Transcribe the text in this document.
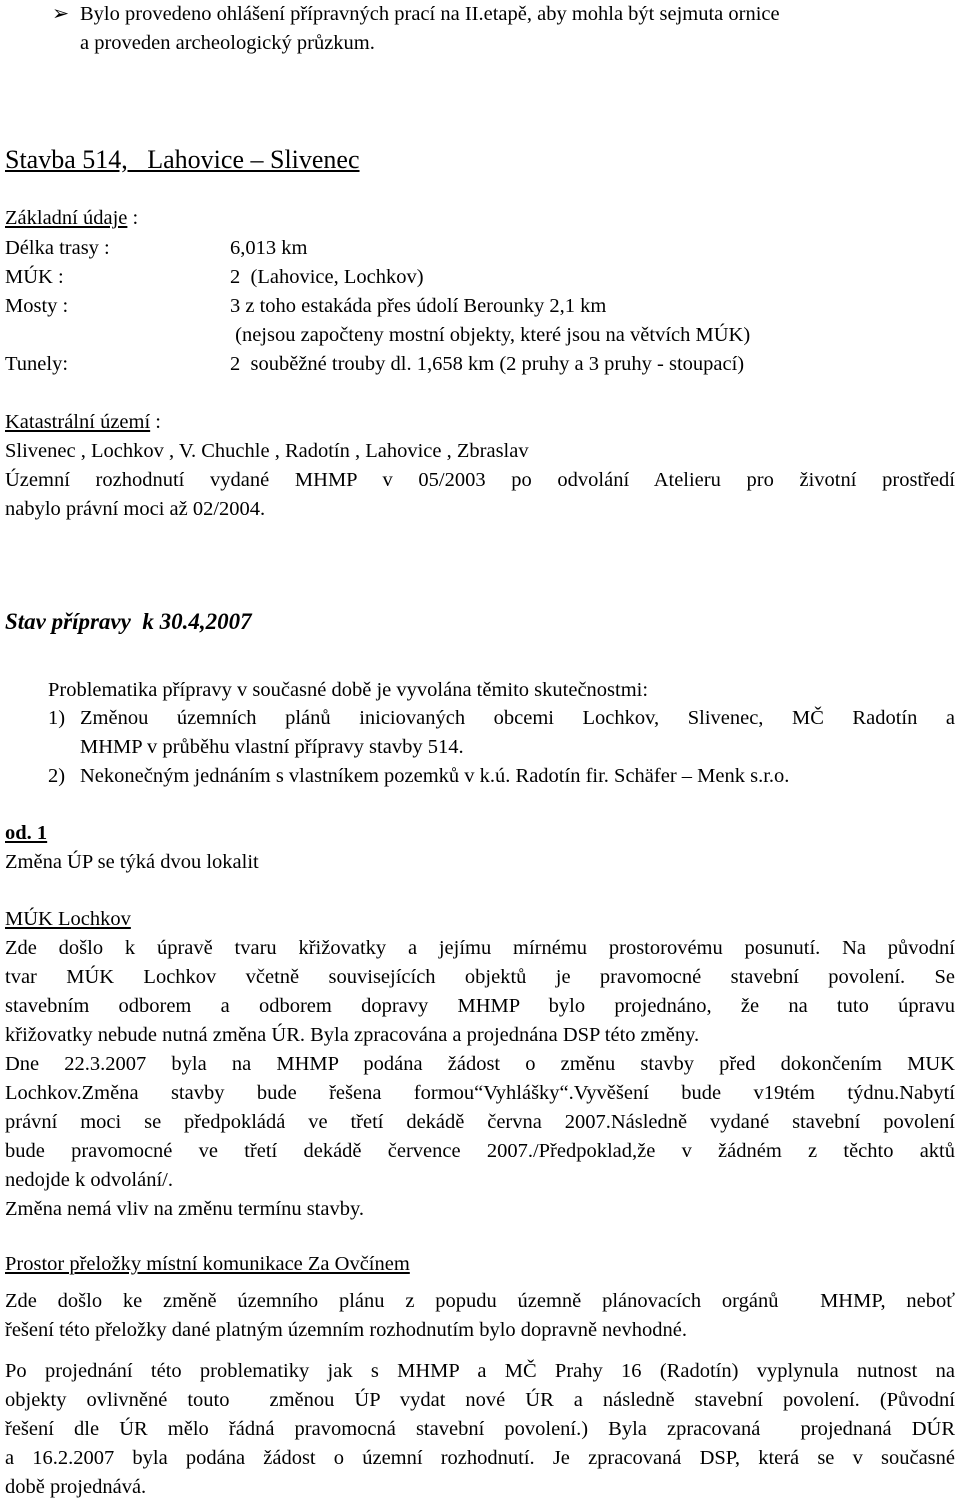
➢ Bylo provedeno ohlášení přípravných prací na II.etapě, aby mohla být sejmuta ornice
a proveden archeologický průzkum.
Stavba 514,   Lahovice – Slivenec
Základní údaje :
Délka trasy :	6,013 km
MÚK :	2  (Lahovice, Lochkov)
Mosty :	3 z toho estakáda přes údolí Berounky 2,1 km
(nejsou započteny mostní objekty, které jsou na větvích MÚK)
Tunely:	2  souběžné trouby dl. 1,658 km (2 pruhy a 3 pruhy - stoupací)
Katastrální území :
Slivenec , Lochkov , V. Chuchle , Radotín , Lahovice , Zbraslav
Územní rozhodnutí vydané MHMP v 05/2003 po odvolání Atelieru pro životní prostředí
nabylo právní moci až 02/2004.
Stav přípravy  k 30.4,2007
Problematika přípravy v současné době je vyvolána těmito skutečnostmi:
1) Změnou územních plánů iniciovaných obcemi Lochkov, Slivenec, MČ Radotín a
MHMP v průběhu vlastní přípravy stavby 514.
2) Nekonečným jednáním s vlastníkem pozemků v k.ú. Radotín fir. Schäfer – Menk s.r.o.
od. 1
Změna ÚP se týká dvou lokalit
MÚK Lochkov
Zde došlo k úpravě tvaru křižovatky a jejímu mírnému prostorovému posunutí. Na původní
tvar MÚK Lochkov včetně souvisejících objektů je pravomocné stavební povolení. Se
stavebním odborem a odborem dopravy MHMP bylo projednáno, že na tuto úpravu
křižovatky nebude nutná změna ÚR. Byla zpracována a projednána DSP této změny.
Dne 22.3.2007 byla na MHMP podána žádost o změnu stavby před dokončením MUK
Lochkov.Změna stavby bude řešena formou“Vyhlášky“.Vyvěšení bude v19tém týdnu.Nabytí
právní moci se předpokládá ve třetí dekádě června 2007.Následně vydané stavební povolení
bude pravomocné ve třetí dekádě července 2007./Předpoklad,že v žádném z těchto aktů
nedojde k odvolání/.
Změna nemá vliv na změnu termínu stavby.
Prostor přeložky místní komunikace Za Ovčínem
Zde došlo ke změně územního plánu z popudu územně plánovacích orgánů  MHMP, neboť
řešení této přeložky dané platným územním rozhodnutím bylo dopravně nevhodné.
Po projednání této problematiky jak s MHMP a MČ Prahy 16 (Radotín) vyplynula nutnost na
objekty ovlivněné touto  změnou ÚP vydat nové ÚR a následně stavební povolení. (Původní
řešení dle ÚR mělo řádná pravomocná stavební povolení.) Byla zpracovaná  projednaná DÚR
a 16.2.2007 byla podána žádost o územní rozhodnutí. Je zpracovaná DSP, která se v současné
době projednává.
